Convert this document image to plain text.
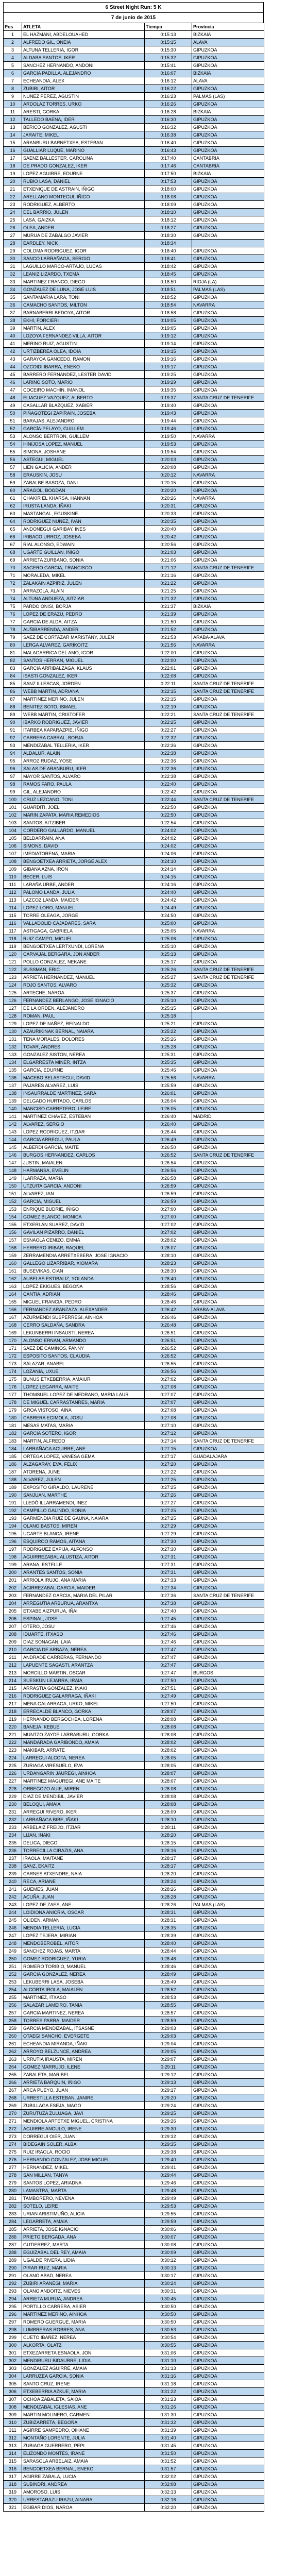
6 Street Night Run: 5 K
7 de junio de 2015
Pos	ATLETA	Tiempo	Provincia
1	EL HAZMANI, ABDELOUAHED	0:15:13	BIZKAIA
2	ALFREDO GIL, ONEIA	0:15:15	ALAVA
3	ALTUNA TELLERIA, IGOR	0:15:30	GIPUZKOA
4	ALDABA SANTOS, IKER	0:15:32	GIPUZKOA
5	SANCHEZ HERNANDO, ANDONI	0:15:41	GIPUZKOA
6	GARCIA PADILLA, ALEJANDRO	0:16:07	BIZKAIA
7	ECHEANDIA, ALEX	0:16:12	ALAVA
8	ZUBIRI, AITOR	0:16:22	GIPUZKOA
9	NUÑEZ PEREZ, AGUSTIN	0:16:23	PALMAS (LAS)
10	ARDOLAZ TORRES, URKO	0:16:26	GIPUZKOA
11	ARESTI, GORKA	0:16:28	BIZKAIA
12	TALLEDO BAENA, IDER	0:16:30	GIPUZKOA
13	BERICO GONZALEZ, AGUSTÍ	0:16:32	GIPUZKOA
14	JARAITE, MIKEL	0:16:38	GIPUZKOA
15	ARANBURU BARNETXEA, ESTEBAN	0:16:40	GIPUZKOA
16	GUALLIAR LUQUE, MARINO	0:16:43	GIPUZKOA
17	SAENZ BALLESTER, CAROLINA	0:17:40	CANTABRIA
18	DE PRADO GONZALEZ, IKER	0:17:46	CANTABRIA
19	LOPEZ AGUIRRE, EDURNE	0:17:50	BIZKAIA
20	RUBIO LASA, DANIEL	0:17:53	GIPUZKOA
21	ETXENIQUE DE ASTRAIN, IÑIGO	0:18:00	GIPUZKOA
22	ARELLANO MONTEGUI, IÑIGO	0:18:08	GIPUZKOA
23	RODRIGUEZ, ALBERTO	0:18:09	GIPUZKOA
24	DEL BARRIO, JULEN	0:18:10	GIPUZKOA
25	LASA, GAIZKA	0:18:12	GIPUZKOA
26	OLEA, ANDER	0:18:27	GIPUZKOA
27	MURUA DE ZABALGO JAVIER	0:18:30	GIPUZKOA
28	EARDLEY, NICK	0:18:34	
29	COLOMA RODRIGUEZ, IGOR	0:18:40	GIPUZKOA
30	SANCO LARRAÑAGA, SERGIO	0:18:41	GIPUZKOA
31	LAGUILLO MARCO-ARTAJO, LUCAS	0:18:42	GIPUZKOA
32	LEANIZ LIZARDO, TXEMA	0:18:45	GIPUZKOA
33	MARTINEZ FRANCO, DIEGO	0:18:50	RIOJA (LA)
34	GONZALEZ DE LUNA, JOSE LUIS	0:18:51	PALMAS (LAS)
35	SANTAMARIA LARA, TOÑI	0:18:52	GIPUZKOA
36	CAMACHO SANTOS, MILTON	0:18:54	NAVARRA
37	BARNABERRI BEDOYA, AITOR	0:18:58	GIPUZKOA
38	EKHI, FORCIERI	0:19:05	GIPUZKOA
39	MARTIN, ALEX	0:19:05	GIPUZKOA
40	LOZOYA FERNANDEZ-VILLA, AITOR	0:19:12	GIPUZKOA
41	MERINO RUIZ, AGUSTIN	0:19:14	GIPUZKOA
42	URTIZBEREA OLEA, IDOIA	0:19:15	GIPUZKOA
43	GARAYOA GANCEDO, RAMON	0:19:16	GIPUZKOA
44	OZCOIDI IBARRA, ENEKO	0:19:17	GIPUZKOA
45	BARRERO FERNANDEZ, LESTER DAVID	0:19:25	GIPUZKOA
46	LARIÑO SOTO, MARIO	0:19:29	GIPUZKOA
47	COCEIRO MACHIN, IMANOL	0:19:35	GIPUZKOA
48	ELIAGUEZ VAZQUEZ, ALBERTO	0:19:37	SANTA CRUZ DE TENERIFE
49	CASALLAR BLAZQUEZ, XABIER	0:19:40	GIPUZKOA
50	PIÑAGOTEGI ZAPIRAIN, JOSEBA	0:19:43	GIPUZKOA
51	BARAJAS, ALEJANDRO	0:19:44	GIPUZKOA
52	GARCÍA-PELAYO, GUILLEM	0:19:46	GIPUZKOA
53	ALONSO BERTRON, GUILLEM	0:19:50	NAVARRA
54	HINIJOSA LOPEZ, MANUEL	0:19:53	GIPUZKOA
55	SIMONA, JOSHANE	0:19:54	GIPUZKOA
56	ASTEGUI, MIGUEL	0:20:03	GIPUZKOA
57	LIEN GALICIA, ANDER	0:20:08	GIPUZKOA
58	ERAUSKIN, JOSU	0:20:12	NAVARRA
59	ZABALBE BASOZA, DANI	0:20:15	GIPUZKOA
60	ARAGOL, BOGDAN	0:20:20	GIPUZKOA
61	CHAKIR EL KHARSA, HANNAN	0:20:26	NAVARRA
62	IRUSTA LANDA, IÑAKI	0:20:31	GIPUZKOA
63	MASTANGAL, EGUSKINE	0:20:33	GIPUZKOA
64	RODRIGUEZ NUÑEZ, IVAN	0:20:35	GIPUZKOA
65	ANDONEGUI GARIBAY, INES	0:20:40	GIPUZKOA
66	IRIBACO URROZ, JOSEBA	0:20:42	GIPUZKOA
67	RIAL ALONSO, EDWAIN	0:20:56	GIPUZKOA
68	UGARTE GUILLAN, IÑIGO	0:21:03	GIPUZKOA
69	ARRIETA ZURBANO, SONIA	0:21:06	GIPUZKOA
70	SAGERO GARCIA, FRANCISCO	0:21:12	SANTA CRUZ DE TENERIFE
71	MORALEDA, MIKEL	0:21:16	GIPUZKOA
72	ZALAKAIN AZPIRIZ, JULEN	0:21:22	GIPUZKOA
73	ARRAZOLA, ALAIN	0:21:25	GIPUZKOA
74	ALTUNA ANDUEZA, AITZIAR	0:21:32	GIPUZKOA
75	PARDO ONISI, BORJA	0:21:37	BIZKAIA
76	LOPEZ DE ERAZU, PEDRO	0:21:39	GIPUZKOA
77	GARCIA DE ALDA, AITZA	0:21:50	GIPUZKOA
78	AUÑIBARRENDA, ANDER	0:21:52	GIPUZKOA
79	SAEZ DE CORTAZAR MARISTANY, JULEN	0:21:53	ARABA-ALAVA
80	LERGA ALVAREZ, GARIKOITZ	0:21:56	NAVARRA
81	MALAGARRIGA DEL AMO, IGOR	0:22:00	GIPUZKOA
82	SANTOS HERRAN, MIGUEL	0:22:00	GIPUZKOA
83	GARCIA ARRIBALZAGA, KLAUS	0:22:01	GIPUZKOA
84	ISASTI GONZALEZ, IKER	0:22:08	GIPUZKOA
85	SANZ ILLESCAS, JORDEN	0:22:11	SANTA CRUZ DE TENERIFE
86	WEBB MARTIN, ADRIANA	0:22:15	SANTA CRUZ DE TENERIFE
87	MARTINEZ MERINO, JULEN	0:22:15	GIPUZKOA
88	BENITEZ SOTO, ISMAEL	0:22:19	GIPUZKOA
89	WEBB MARTIN, CRISTOFER	0:22:21	SANTA CRUZ DE TENERIFE
90	IBARKO RODRIGUEZ, JAVIER	0:22:25	GIPUZKOA
91	ITARBEA KAPARAZPIE, IÑIGO	0:22:27	GIPUZKOA
92	CARRERA CABRAL, BORJA	0:22:32	GIPUZKOA
93	MENDIZABAL TELLERIA, IKER	0:22:36	GIPUZKOA
94	ALDALUR, ALAIN	0:22:38	GIPUZKOA
95	ARROZ RUDAZ, YOSE	0:22:36	GIPUZKOA
96	SALAS DE ARANBURU, IKER	0:22:36	GIPUZKOA
97	MAYOR SANTOS, ALVARO	0:22:38	GIPUZKOA
98	RAMOS FARO, PAULA	0:22:40	GIPUZKOA
99	GIL, ALEJANDRO	0:22:42	GIPUZKOA
100	CRUZ LEZCANO, TONI	0:22:44	SANTA CRUZ DE TENERIFE
101	GUARDITI, JOEL	0:22:50	GIPUZKOA
102	MARIN ZAPATA, MARIA REMEDIOS	0:22:50	GIPUZKOA
103	SANTOS, AITZIBER	0:22:54	GIPUZKOA
104	CORDERO GALLARDO, MANUEL	0:24:02	GIPUZKOA
105	BELDARRAIN, ANA	0:24:02	GIPUZKOA
106	SIMONS, DAVID	0:24:02	GIPUZKOA
107	IMEDIATORENA, MARIA	0:24:06	GIPUZKOA
108	BENGOETXEA ARRIETA, JORGE ALEX	0:24:10	GIPUZKOA
109	GIBANA AZNA, IRON	0:24:14	GIPUZKOA
110	BECER, LUIS	0:24:15	GIPUZKOA
111	LARAÑA URBE, ANDER	0:24:16	GIPUZKOA
112	PALOMO LANDA, JULIA	0:24:40	GIPUZKOA
113	LAZCOZ LANDA, MAIDER	0:24:42	GIPUZKOA
114	LOPEZ LORO, MANUEL	0:24:49	GIPUZKOA
115	TORRE OLEAGA, JORGE	0:24:50	GIPUZKOA
116	VALLADOLID CAJADARES, SARA	0:25:00	GIPUZKOA
117	ASTIGAGA, GABRIELA	0:25:05	NAVARRA
118	RUIZ CAMPO, MIGUEL	0:25:06	GIPUZKOA
119	BENGOETXEA LERTXUNDI, LORENA	0:25:10	GIPUZKOA
120	CARVAJAL BERGARA, JON ANDER	0:25:13	GIPUZKOA
121	POLLO GONZALEZ, NEKANE	0:25:17	GIPUZKOA
122	SUSSMAN, ERIC	0:25:26	SANTA CRUZ DE TENERIFE
123	ARRIETA HERNANDEZ, MANUEL	0:25:27	SANTA CRUZ DE TENERIFE
124	ROJO SANTOS, ALVARO	0:25:32	GIPUZKOA
125	ARTECHE, NAROA	0:25:37	GIPUZKOA
126	FERNANDEZ BERLANGO, JOSE IGNACIO	0:25:10	GIPUZKOA
127	DE LA ORDEN, ALEJANDRO	0:25:15	GIPUZKOA
128	ROMAN, PAUL	0:25:18	
129	LOPEZ DE NAÑEZ, REINALDO	0:25:21	GIPUZKOA
130	AZAURIKINAK BERNAL, NAIARA	0:25:22	GIPUZKOA
131	TENA MORALES, DOLORES	0:25:26	GIPUZKOA
132	TOVAR, ANDRES	0:25:28	GIPUZKOA
133	GONZALEZ SISTON, NEREA	0:25:31	GIPUZKOA
134	ELGARRESTA MINER, INTZA	0:25:35	GIPUZKOA
135	GARCIA, EDURNE	0:25:46	GIPUZKOA
136	MACEBO BELASTEGUI, DAVID	0:25:56	NAVARRA
137	PAJARES ALVAREZ, LUIS	0:25:59	GIPUZKOA
138	INSAURRALDE MARTINEZ, SARA	0:26:01	GIPUZKOA
139	DELGADO HURTADO, CARLOS	0:26:04	GIPUZKOA
140	MANCISO CARRETERO, LEIRE	0:26:05	GIPUZKOA
141	MARTINEZ CHAVEZ, ESTEBAN	0:26:40	MADRID
142	ALVAREZ, SERGIO	0:26:40	GIPUZKOA
143	LOPEZ RODRIGUEZ, ITZIAR	0:26:44	GIPUZKOA
144	GARCIA ARREGUI, PAULA	0:26:49	GIPUZKOA
145	ALBERDI GARCIA, MAITE	0:26:50	GIPUZKOA
146	BURGOS HERNANDEZ, CARLOS	0:26:52	SANTA CRUZ DE TENERIFE
147	JUSTIN, MAIALEN	0:26:54	GIPUZKOA
148	HARMANSA, EVELIN	0:26:56	GIPUZKOA
149	ILARRAZA, MARIA	0:26:58	GIPUZKOA
150	UTZUITA GARCIA, ANDONI	0:26:59	GIPUZKOA
151	ALVAREZ, IAN	0:26:59	GIPUZKOA
152	GARCIA, MIGUEL	0:26:59	GIPUZKOA
153	ENRIQUE BUDRIE, IÑIGO	0:27:00	GIPUZKOA
154	GOMEZ BLANCO, MONICA	0:27:00	GIPUZKOA
155	ETXERLAN SUAREZ, DAVID	0:27:02	GIPUZKOA
156	GAVILAN PIZARRO, DANIEL	0:27:02	GIPUZKOA
157	ESNAOLA CENIZO, EMMA	0:28:02	GIPUZKOA
158	HERRERO IRIBAR, RAQUEL	0:28:07	GIPUZKOA
159	ZERRAMENDIA ARRETXEBERA, JOSE IGNACIO	0:28:10	GIPUZKOA
160	GALLEGO LIZARRIBAR, XIOMARA	0:28:23	GIPUZKOA
161	BUSEVIKAS, CIAN	0:28:30	GIPUZKOA
162	AUBELAS ESTIBALIZ, YOLANDA	0:28:40	GIPUZKOA
163	LOPEZ EKIGUES, BEGOÑA	0:28:56	GIPUZKOA
164	CANTIA, ADRIAN	0:28:46	GIPUZKOA
165	MIGUEL FRANCIA, PEDRO	0:28:46	GIPUZKOA
166	FERNANDEZ ARANZAZA, ALEXANDER	0:26:42	ARABA-ALAVA
167	AZURMENDI SUSPERREGI, AINHOA	0:26:46	GIPUZKOA
168	CERRO SALDAÑA, SANDRA	0:26:48	GIPUZKOA
169	LEKUNBERRI INSAUSTI, NEREA	0:26:51	GIPUZKOA
170	ALONSO ERNAN, ARMANDO	0:26:51	GIPUZKOA
171	SAEZ DE CAMINOS, FANNY	0:26:52	GIPUZKOA
172	ESPOSITO SANTOS, CLAUDIA	0:26:52	GIPUZKOA
173	SALAZAR, ANABEL	0:26:55	GIPUZKOA
174	LOZANIA, UXUE	0:26:56	GIPUZKOA
175	BUNUS ETXEBERRIA, AMAIUR	0:27:02	GIPUZKOA
176	LOPEZ LEGARRA, MAITE	0:27:08	GIPUZKOA
177	THOMSUEL LOPEZ DE MEDRANO, MARIA LAUR	0:27:07	GIPUZKOA
178	DE MIGUEL CARRASTANRES, MARIA	0:27:07	GIPUZKOA
179	GROA VISTOSO, AINA	0:27:08	GIPUZKOA
180	CABRERA EGIMOLA, JOSU	0:27:08	GIPUZKOA
181	MESAS MATAS, MARIA	0:27:10	GIPUZKOA
182	GARCIA SOTERO, IGOR	0:27:12	GIPUZKOA
183	MARTIN, ALFREDO	0:27:14	SANTA CRUZ DE TENERIFE
184	LARRAÑAGA AGUIRRE, ANE	0:27:15	GIPUZKOA
185	ORTEGA LOPEZ, VANESA GEMA	0:27:17	GUADALAJARA
186	ALZAGARAY, EVA, FÉLIX	0:27:20	GIPUZKOA
187	ATORENA, JUNE	0:27:22	GIPUZKOA
188	ALVAREZ, JULEN	0:27:25	GIPUZKOA
189	EXPOSITO GIRALDO, LAURENE	0:27:25	GIPUZKOA
190	SANJUAN, MARTHE	0:27:26	GIPUZKOA
191	LLEDÓ ILLARRAMENDI, INEZ	0:27:27	GIPUZKOA
192	CAMPILLO GALINDO, SONIA	0:27:25	GIPUZKOA
193	GARMENDIA RUIZ DE GAUNA, NAIARA	0:27:25	GIPUZKOA
194	OLANO BASTOS, MIREN	0:27:29	GIPUZKOA
195	UGARTE BLANCA, IRENE	0:27:29	GIPUZKOA
196	ESQUIROO RAMOS, AITANA	0:27:30	GIPUZKOA
197	RODRIGUEZ EXPIJA, ALFONSO	0:27:30	GIPUZKOA
198	AGUIRREZABAL ALUSTIZA, AITOR	0:27:31	GIPUZKOA
199	ARANA, ESTELLE	0:27:31	GIPUZKOA
200	ARANTES SANTOS, SONIA	0:27:31	GIPUZKOA
201	ARRIOLA IRUJO, ANA MARIA	0:27:33	GIPUZKOA
202	AGIRREZABAL GARCIA, MAIDER	0:27:34	GIPUZKOA
203	FERNANDEZ GARCIA, MARIA DEL PILAR	0:27:36	SANTA CRUZ DE TENERIFE
204	ARREGUTIA ARBURUA, ARANTXA	0:27:38	GIPUZKOA
205	ETXABE AIZPURUA, IÑAI	0:27:40	GIPUZKOA
206	ESPINAL, JOSE	0:27:45	GIPUZKOA
207	OTERO, JOSU	0:27:46	GIPUZKOA
208	IDUARTE, ITXASO	0:27:46	GIPUZKOA
209	DIAZ SONAGAN, LAIA	0:27:46	GIPUZKOA
210	GARCIA DE ARBAZA, NEREA	0:27:47	GIPUZKOA
211	ANDRADE CARRERAS, FERNANDO	0:27:47	GIPUZKOA
212	LAPUENTE SAGASTI, ARANTZA	0:27:47	GIPUZKOA
213	MORCILLO MARTIN, OSCAR	0:27:47	BURGOS
214	SUESKUN LEJARRA, IRAIA	0:27:50	GIPUZKOA
215	ARRASTIA GONZALEZ, IÑAKI	0:27:51	GIPUZKOA
216	RODRIGUEZ GALARRAGA, IÑAKI	0:27:49	GIPUZKOA
217	MENA GALARRAGA, URKO, MIKEL	0:27:50	GIPUZKOA
218	ERRECALDE BLANCO, GORKA	0:28:07	GIPUZKOA
219	HERNANDO BERGOCHEA, LORENA	0:28:08	GIPUZKOA
220	BANEJA, KEBUE	0:28:08	GIPUZKOA
221	MUNTZO ZAYDE LARRABURU, GORKA	0:28:08	GIPUZKOA
222	MANDARADA GARIBONDO, AMAIA	0:28:02	GIPUZKOA
223	MAKIBAR, ARRATE	0:28:02	GIPUZKOA
224	LARREGUI ALCOTA, NEREA	0:28:05	GIPUZKOA
225	ZURIAGA VIRESUELO, EVA	0:28:05	GIPUZKOA
226	URDANGARIN JAUREGI, AINHOA	0:28:07	GIPUZKOA
227	MARTINEZ MAGUREGI, ANE MAITE	0:28:07	GIPUZKOA
228	ORBEGOZO AUIE, MIREN	0:28:08	GIPUZKOA
229	DIAZ DE MENDIBIL, JAVIER	0:28:08	GIPUZKOA
230	BELOQUI, AMAIA	0:28:08	GIPUZKOA
231	ARREGUI RIVERO, IKER	0:28:09	GIPUZKOA
232	LARRAÑAGA BIBE, IÑAKI	0:28:10	GIPUZKOA
233	ARBELAIZ FREIJO, ITZIAR	0:28:11	GIPUZKOA
234	LIJAN, INAKI	0:28:20	GIPUZKOA
235	DELICA, DIEGO	0:28:15	GIPUZKOA
236	TORRECILLA CIRAZIS, ANA	0:28:16	GIPUZKOA
237	IRAOLA, MAITANE	0:28:17	GIPUZKOA
238	SANZ, EKAITZ	0:28:17	GIPUZKOA
239	CARNES ATXENDRE, NAIA	0:28:20	GIPUZKOA
240	RECA, ARIANE	0:28:24	GIPUZKOA
241	GUEMES, JUAN	0:28:26	GIPUZKOA
242	ACUÑA, JUAN	0:28:28	GIPUZKOA
243	LOPEZ DE ZAES, ANE	0:28:26	PALMAS (LAS)
244	LOIDIONA ANICRIA, OSCAR	0:28:31	GIPUZKOA
245	OLIDEN, ARMAN	0:28:31	GIPUZKOA
246	MENDIA TELLERIA, LUCIA	0:28:35	GIPUZKOA
247	LOPEZ TEJERA, MIRIAN	0:28:39	GIPUZKOA
248	MENDOBEROBEL, AITOR	0:28:40	GIPUZKOA
249	SANCHEZ ROJAS, MARTA	0:28:44	GIPUZKOA
250	GOMEZ RODRIGUEZ, YURIA	0:28:46	GIPUZKOA
251	ROMERO TORIBIO, MANUEL	0:28:46	GIPUZKOA
252	GARCIA GONZALEZ, NEREA	0:28:49	GIPUZKOA
253	LEKUBERRI LASA, JOSEBA	0:28:49	GIPUZKOA
254	ALCORTA IROLA, MAIALEN	0:28:52	GIPUZKOA
255	MARTINEZ, ITXASO	0:28:53	GIPUZKOA
256	SALAZAR LAMEIRO, TANIA	0:28:55	GIPUZKOA
257	GARCIA MARTINEZ, NEREA	0:28:57	GIPUZKOA
258	TORRES PARRA, MAIDER	0:28:59	GIPUZKOA
259	GARCIA MENDIZABAL, ITSASNE	0:29:03	GIPUZKOA
260	OTAEGI SANCHO, EVERGETE	0:29:03	GIPUZKOA
261	ECHEANDIA MIRANDA, IÑAKI	0:29:04	GIPUZKOA
262	ARROYO BELZUNCE, ANDREA	0:29:05	GIPUZKOA
263	URRUTIA IRAUSTA, MIREN	0:29:07	GIPUZKOA
264	GOMEZ MARRUJO, ILENE	0:29:11	GIPUZKOA
265	ZABALETA, MARIBEL	0:29:12	GIPUZKOA
266	ARRIETA BARQUIN, IÑIGO	0:29:13	GIPUZKOA
267	ARCA PUEYO, JUAN	0:29:17	GIPUZKOA
268	URRESTILLA ESTEBAN, JANIRE	0:29:20	GIPUZKOA
269	ZUBILLAGA ESEJA, MAGO	0:29:24	GIPUZKOA
270	ZURUTUZA ZULUAGA, JAVI	0:29:25	GIPUZKOA
271	MENDIOLA ARTETXE MIGUEL, CRISTINA	0:29:26	GIPUZKOA
272	AGUIRRE ANGULO, IRENE	0:29:30	GIPUZKOA
273	DORREGUI OIER, JUAN	0:29:32	GIPUZKOA
274	BIDEGAIN SOLER, ALBA	0:29:35	GIPUZKOA
275	RUIZ IRAOLA, ROCIO	0:29:38	GIPUZKOA
276	HERNANDO GONZALEZ, JOSE MIGUEL	0:29:40	GIPUZKOA
277	HERNANDEZ, MIKEL	0:29:41	GIPUZKOA
278	SAN MILLAN, TANYA	0:29:44	GIPUZKOA
279	SANTOS LOPEZ, ARIADNA	0:29:46	GIPUZKOA
280	LAMASTRA, MARTA	0:29:48	GIPUZKOA
281	TAMBORERO, NEVENA	0:29:49	GIPUZKOA
282	SOTELO, LEIRE	0:29:53	GIPUZKOA
283	URIAN ARISTIMUÑO, ALICIA	0:29:55	GIPUZKOA
284	LEGARRETA, AMAIA	0:29:59	GIPUZKOA
285	ARRIETA, JOSE IGNACIO	0:30:06	GIPUZKOA
286	PRIETO BERGADA, ANA	0:30:07	GIPUZKOA
287	GUTIERREZ, MARTA	0:30:08	GIPUZKOA
288	EGUIZABAL DEL REY, AMAIA	0:30:09	GIPUZKOA
289	UGALDE RIVERA, LIDIA	0:30:12	GIPUZKOA
290	PIRAR RUIZ, MARIA	0:30:13	GIPUZKOA
291	OLANO ABAD, NEREA	0:30:17	GIPUZKOA
292	ZUBIRI ARANEGI, MARIA	0:30:24	GIPUZKOA
293	OLANO ANDOITZ, NIEVES	0:30:31	GIPUZKOA
294	ARRIETA MURUA, ANDREA	0:30:45	GIPUZKOA
295	PORTILLO CARRERA, ASIER	0:30:50	GIPUZKOA
296	MARTINEZ MERINO, AINHOA	0:30:50	GIPUZKOA
297	ROMERO GUERGUE, MARIA	0:30:50	GIPUZKOA
298	LUMBRERAS ROBRES, ANA	0:30:53	GIPUZKOA
299	CUETO IBAÑEZ, NEREA	0:30:54	GIPUZKOA
300	ALKORTA, OLATZ	0:30:55	GIPUZKOA
301	ETXEZARRETA ESNAOLA, JON	0:31:06	GIPUZKOA
302	MENDIBURU BIDAURRE, LIDIA	0:31:10	GIPUZKOA
303	GONZALEZ AGUIRRE, AMAIA	0:31:13	GIPUZKOA
304	LARRUZEA GARCIA, SONIA	0:31:16	GIPUZKOA
305	SANTO CRUZ, IRENE	0:31:18	GIPUZKOA
306	ETXEBERRIA AZKUE, MARIA	0:31:22	GIPUZKOA
307	OCHOA ZABALETA, SAIOA	0:31:23	GIPUZKOA
308	MENDIZABAL IGLESIAS, ANE	0:31:26	GIPUZKOA
309	MARTIN MOLINERO, CARMEN	0:31:30	GIPUZKOA
310	ZUBIZARRETA, BEGOÑA	0:31:32	GIPUZKOA
311	AGIRRE SAMPEDRO, OIHANE	0:31:39	GIPUZKOA
312	MONTAÑO LORENTE, JULIA	0:31:40	GIPUZKOA
313	ZUBIAGA GUERRERO, PEPI	0:31:45	GIPUZKOA
314	ELIZONDO MONTES, IRANE	0:31:50	GIPUZKOA
315	SARASOLA ARBELAIZ, AMAIA	0:31:52	GIPUZKOA
316	BENGOETXEA BERNAL, ENEKO	0:31:57	GIPUZKOA
317	AGIRRE ZABALA, LUCIA	0:32:02	GIPUZKOA
318	SUBINDRI, ANDREA	0:32:08	GIPUZKOA
319	AMOROSO, LUIS	0:32:13	GIPUZKOA
320	URRESTARAZU IRAZU, AINARA	0:32:16	GIPUZKOA
321	EGIBAR DIOS, NAROA	0:32:20	GIPUZKOA
